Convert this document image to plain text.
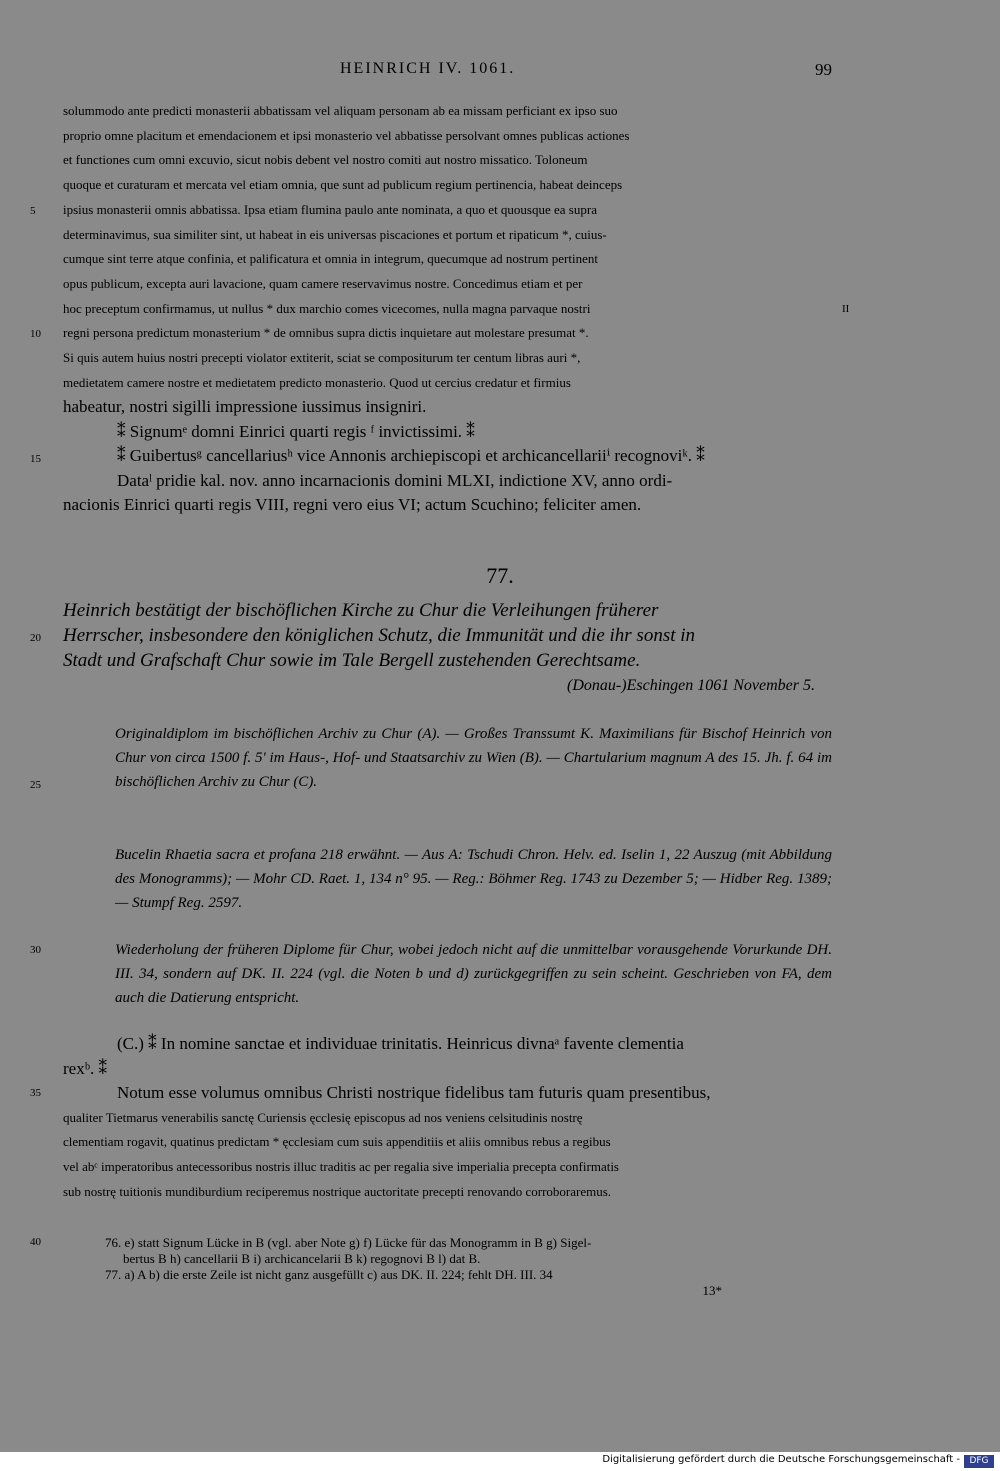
HEINRICH IV. 1061.	99
5
10
15
20
25
30
35
40
II
solummodo ante predicti monasterii abbatissam vel aliquam personam ab ea missam perficiant ex ipso suo
proprio omne placitum et emendacionem et ipsi monasterio vel abbatisse persolvant omnes publicas actiones
et functiones cum omni excuvio, sicut nobis debent vel nostro comiti aut nostro missatico. Toloneum
quoque et curaturam et mercata vel etiam omnia, que sunt ad publicum regium pertinencia, habeat deinceps
ipsius monasterii omnis abbatissa. Ipsa etiam flumina paulo ante nominata, a quo et quousque ea supra
determinavimus, sua similiter sint, ut habeat in eis universas piscaciones et portum et ripaticum *, cuius-
cumque sint terre atque confinia, et palificatura et omnia in integrum, quecumque ad nostrum pertinent
opus publicum, excepta auri lavacione, quam camere reservavimus nostre. Concedimus etiam et per
hoc preceptum confirmamus, ut nullus * dux marchio comes vicecomes, nulla magna parvaque nostri
regni persona predictum monasterium * de omnibus supra dictis inquietare aut molestare presumat *.
Si quis autem huius nostri precepti violator extiterit, sciat se compositurum ter centum libras auri *,
medietatem camere nostre et medietatem predicto monasterio. Quod ut cercius credatur et firmius
habeatur, nostri sigilli impressione iussimus insigniri.
⁑ Signumᵉ domni Einrici quarti regis ᶠ invictissimi. ⁑
⁑ Guibertusᵍ cancellariusʰ vice Annonis archiepiscopi et archicancellariiⁱ recognoviᵏ. ⁑
Dataˡ pridie kal. nov. anno incarnacionis domini MLXI, indictione XV, anno ordi-
nacionis Einrici quarti regis VIII, regni vero eius VI; actum Scuchino; feliciter amen.
77.
Heinrich bestätigt der bischöflichen Kirche zu Chur die Verleihungen früherer
Herrscher, insbesondere den königlichen Schutz, die Immunität und die ihr sonst in
Stadt und Grafschaft Chur sowie im Tale Bergell zustehenden Gerechtsame.
(Donau-)Eschingen 1061 November 5.
Originaldiplom im bischöflichen Archiv zu Chur (A). — Großes Transsumt K. Maximilians für Bischof Heinrich von Chur von circa 1500 f. 5' im Haus-, Hof- und Staatsarchiv zu Wien (B). — Chartularium magnum A des 15. Jh. f. 64 im bischöflichen Archiv zu Chur (C).
Bucelin Rhaetia sacra et profana 218 erwähnt. — Aus A: Tschudi Chron. Helv. ed. Iselin 1, 22 Auszug (mit Abbildung des Monogramms); — Mohr CD. Raet. 1, 134 n° 95. — Reg.: Böhmer Reg. 1743 zu Dezember 5; — Hidber Reg. 1389; — Stumpf Reg. 2597.
Wiederholung der früheren Diplome für Chur, wobei jedoch nicht auf die unmittelbar vorausgehende Vorurkunde DH. III. 34, sondern auf DK. II. 224 (vgl. die Noten b und d) zurückgegriffen zu sein scheint. Geschrieben von FA, dem auch die Datierung entspricht.
(C.) ⁑ In nomine sanctae et individuae trinitatis. Heinricus divnaᵃ favente clementia
rexᵇ. ⁑
Notum esse volumus omnibus Christi nostrique fidelibus tam futuris quam presentibus,
qualiter Tietmarus venerabilis sanctę Curiensis ęcclesię episcopus ad nos veniens celsitudinis nostrę
clementiam rogavit, quatinus predictam * ęcclesiam cum suis appenditiis et aliis omnibus rebus a regibus
vel abᶜ imperatoribus antecessoribus nostris illuc traditis ac per regalia sive imperialia precepta confirmatis
sub nostrę tuitionis mundiburdium reciperemus nostrique auctoritate precepti renovando corroboraremus.
76. e) statt Signum Lücke in B (vgl. aber Note g) f) Lücke für das Monogramm in B g) Sigel-
bertus B h) cancellarii B i) archicancelarii B k) regognovi B l) dat B.
77. a) A b) die erste Zeile ist nicht ganz ausgefüllt c) aus DK. II. 224; fehlt DH. III. 34
13*
Digitalisierung gefördert durch die Deutsche Forschungsgemeinschaft -	DFG
